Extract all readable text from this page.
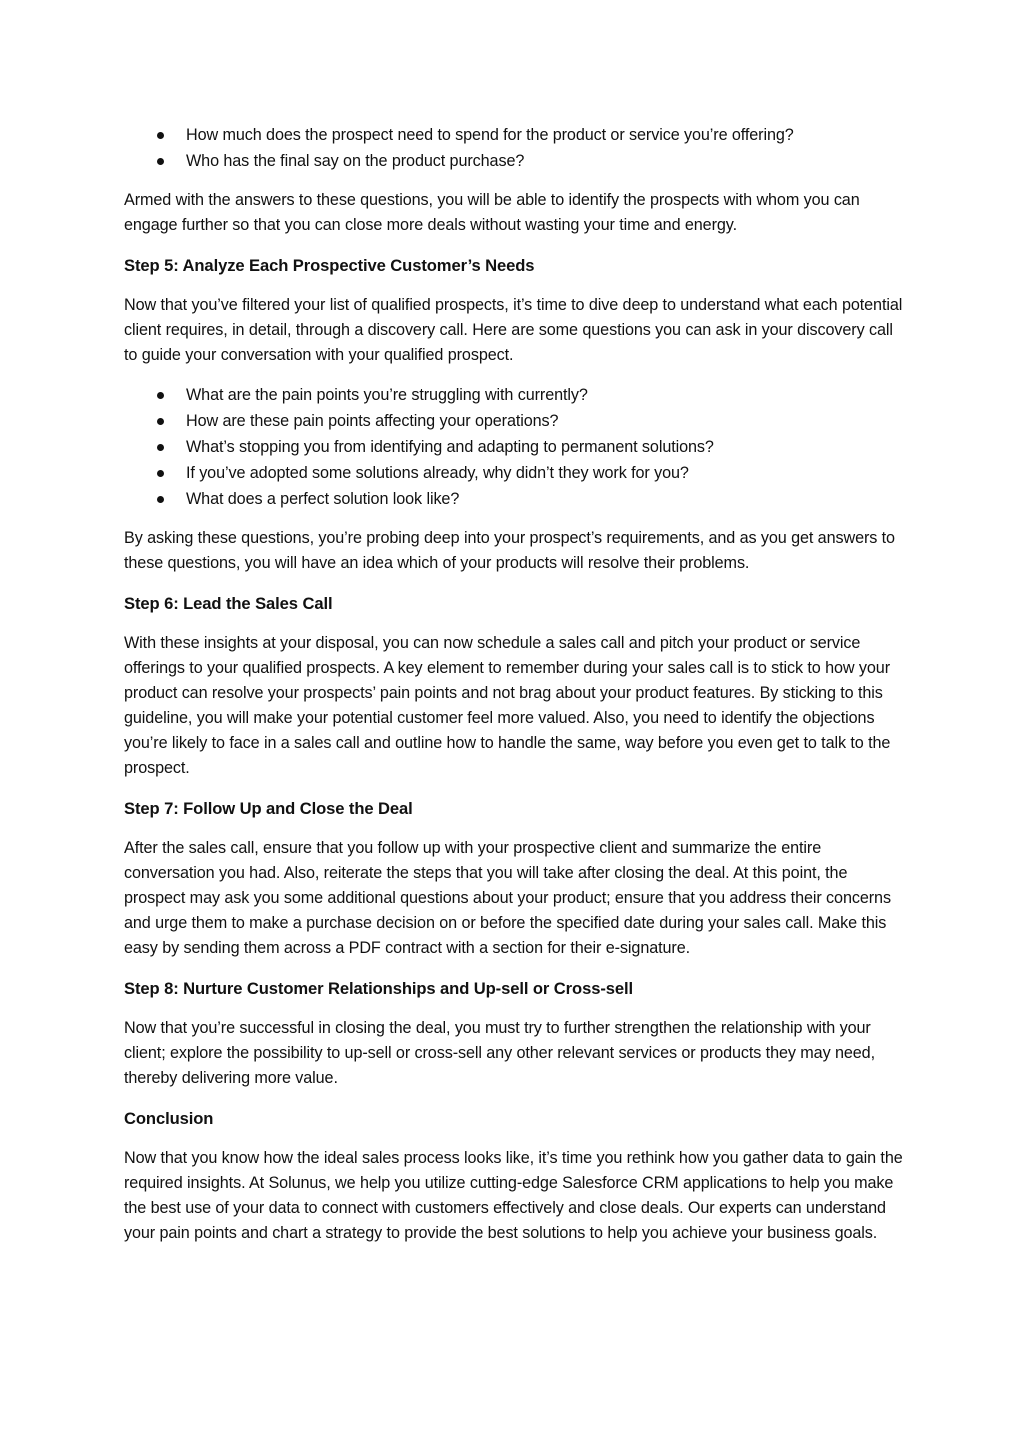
How much does the prospect need to spend for the product or service you’re offering?
Who has the final say on the product purchase?

Armed with the answers to these questions, you will be able to identify the prospects with whom you can engage further so that you can close more deals without wasting your time and energy.

Step 5: Analyze Each Prospective Customer’s Needs

Now that you’ve filtered your list of qualified prospects, it’s time to dive deep to understand what each potential client requires, in detail, through a discovery call. Here are some questions you can ask in your discovery call to guide your conversation with your qualified prospect.

What are the pain points you’re struggling with currently?
How are these pain points affecting your operations?
What’s stopping you from identifying and adapting to permanent solutions?
If you’ve adopted some solutions already, why didn’t they work for you?
What does a perfect solution look like?

By asking these questions, you’re probing deep into your prospect’s requirements, and as you get answers to these questions, you will have an idea which of your products will resolve their problems.

Step 6: Lead the Sales Call

With these insights at your disposal, you can now schedule a sales call and pitch your product or service offerings to your qualified prospects. A key element to remember during your sales call is to stick to how your product can resolve your prospects’ pain points and not brag about your product features. By sticking to this guideline, you will make your potential customer feel more valued. Also, you need to identify the objections you’re likely to face in a sales call and outline how to handle the same, way before you even get to talk to the prospect.

Step 7: Follow Up and Close the Deal

After the sales call, ensure that you follow up with your prospective client and summarize the entire conversation you had. Also, reiterate the steps that you will take after closing the deal. At this point, the prospect may ask you some additional questions about your product; ensure that you address their concerns and urge them to make a purchase decision on or before the specified date during your sales call. Make this easy by sending them across a PDF contract with a section for their e-signature.

Step 8: Nurture Customer Relationships and Up-sell or Cross-sell

Now that you’re successful in closing the deal, you must try to further strengthen the relationship with your client; explore the possibility to up-sell or cross-sell any other relevant services or products they may need, thereby delivering more value.

Conclusion

Now that you know how the ideal sales process looks like, it’s time you rethink how you gather data to gain the required insights. At Solunus, we help you utilize cutting-edge Salesforce CRM applications to help you make the best use of your data to connect with customers effectively and close deals. Our experts can understand your pain points and chart a strategy to provide the best solutions to help you achieve your business goals.
